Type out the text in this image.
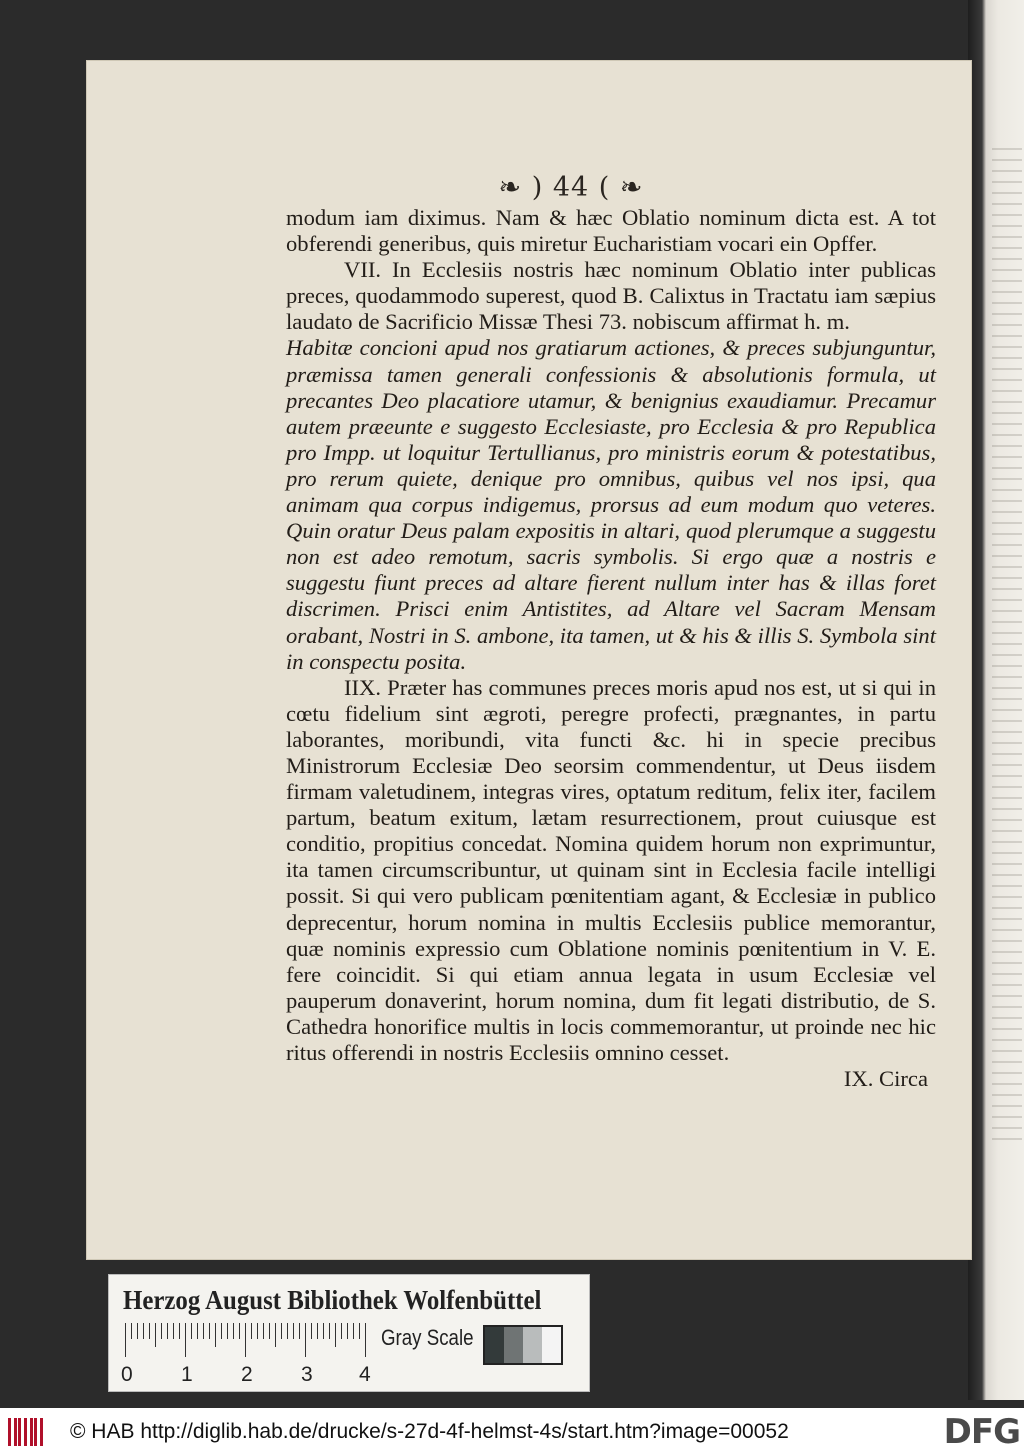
❧ ) 44 ( ❧

modum iam diximus. Nam & hæc Oblatio nominum dicta est. A tot obferendi generibus, quis miretur Eucharistiam vocari ein Opffer.

VII. In Ecclesiis nostris hæc nominum Oblatio inter publicas preces, quodammodo superest, quod B. Calixtus in Tractatu iam sæpius laudato de Sacrificio Missæ Thesi 73. nobiscum affirmat h. m.

Habitæ concioni apud nos gratiarum actiones, & preces subjunguntur, præmissa tamen generali confessionis & absolutionis formula, ut precantes Deo placatiore utamur, & benignius exaudiamur. Precamur autem præeunte e suggesto Ecclesiaste, pro Ecclesia & pro Republica pro Impp. ut loquitur Tertullianus, pro ministris eorum & potestatibus, pro rerum quiete, denique pro omnibus, quibus vel nos ipsi, qua animam qua corpus indigemus, prorsus ad eum modum quo veteres. Quin oratur Deus palam expositis in altari, quod plerumque a suggestu non est adeo remotum, sacris symbolis. Si ergo quæ a nostris e suggestu fiunt preces ad altare fierent nullum inter has & illas foret discrimen. Prisci enim Antistites, ad Altare vel Sacram Mensam orabant, Nostri in S. ambone, ita tamen, ut & his & illis S. Symbola sint in conspectu posita.

IIX. Præter has communes preces moris apud nos est, ut si qui in cœtu fidelium sint ægroti, peregre profecti, prægnantes, in partu laborantes, moribundi, vita functi &c. hi in specie precibus Ministrorum Ecclesiæ Deo seorsim commendentur, ut Deus iisdem firmam valetudinem, integras vires, optatum reditum, felix iter, facilem partum, beatum exitum, lætam resurrectionem, prout cuiusque est conditio, propitius concedat. Nomina quidem horum non exprimuntur, ita tamen circumscribuntur, ut quinam sint in Ecclesia facile intelligi possit. Si qui vero publicam pœnitentiam agant, & Ecclesiæ in publico deprecentur, horum nomina in multis Ecclesiis publice memorantur, quæ nominis expressio cum Oblatione nominis pœnitentium in V. E. fere coincidit. Si qui etiam annua legata in usum Ecclesiæ vel pauperum donaverint, horum nomina, dum fit legati distributio, de S. Cathedra honorifice multis in locis commemorantur, ut proinde nec hic ritus offerendi in nostris Ecclesiis omnino cesset.

IX. Circa

Herzog August Bibliothek Wolfenbüttel
0 1 2 3 4
Gray Scale
© HAB http://diglib.hab.de/drucke/s-27d-4f-helmst-4s/start.htm?image=00052	DFG
